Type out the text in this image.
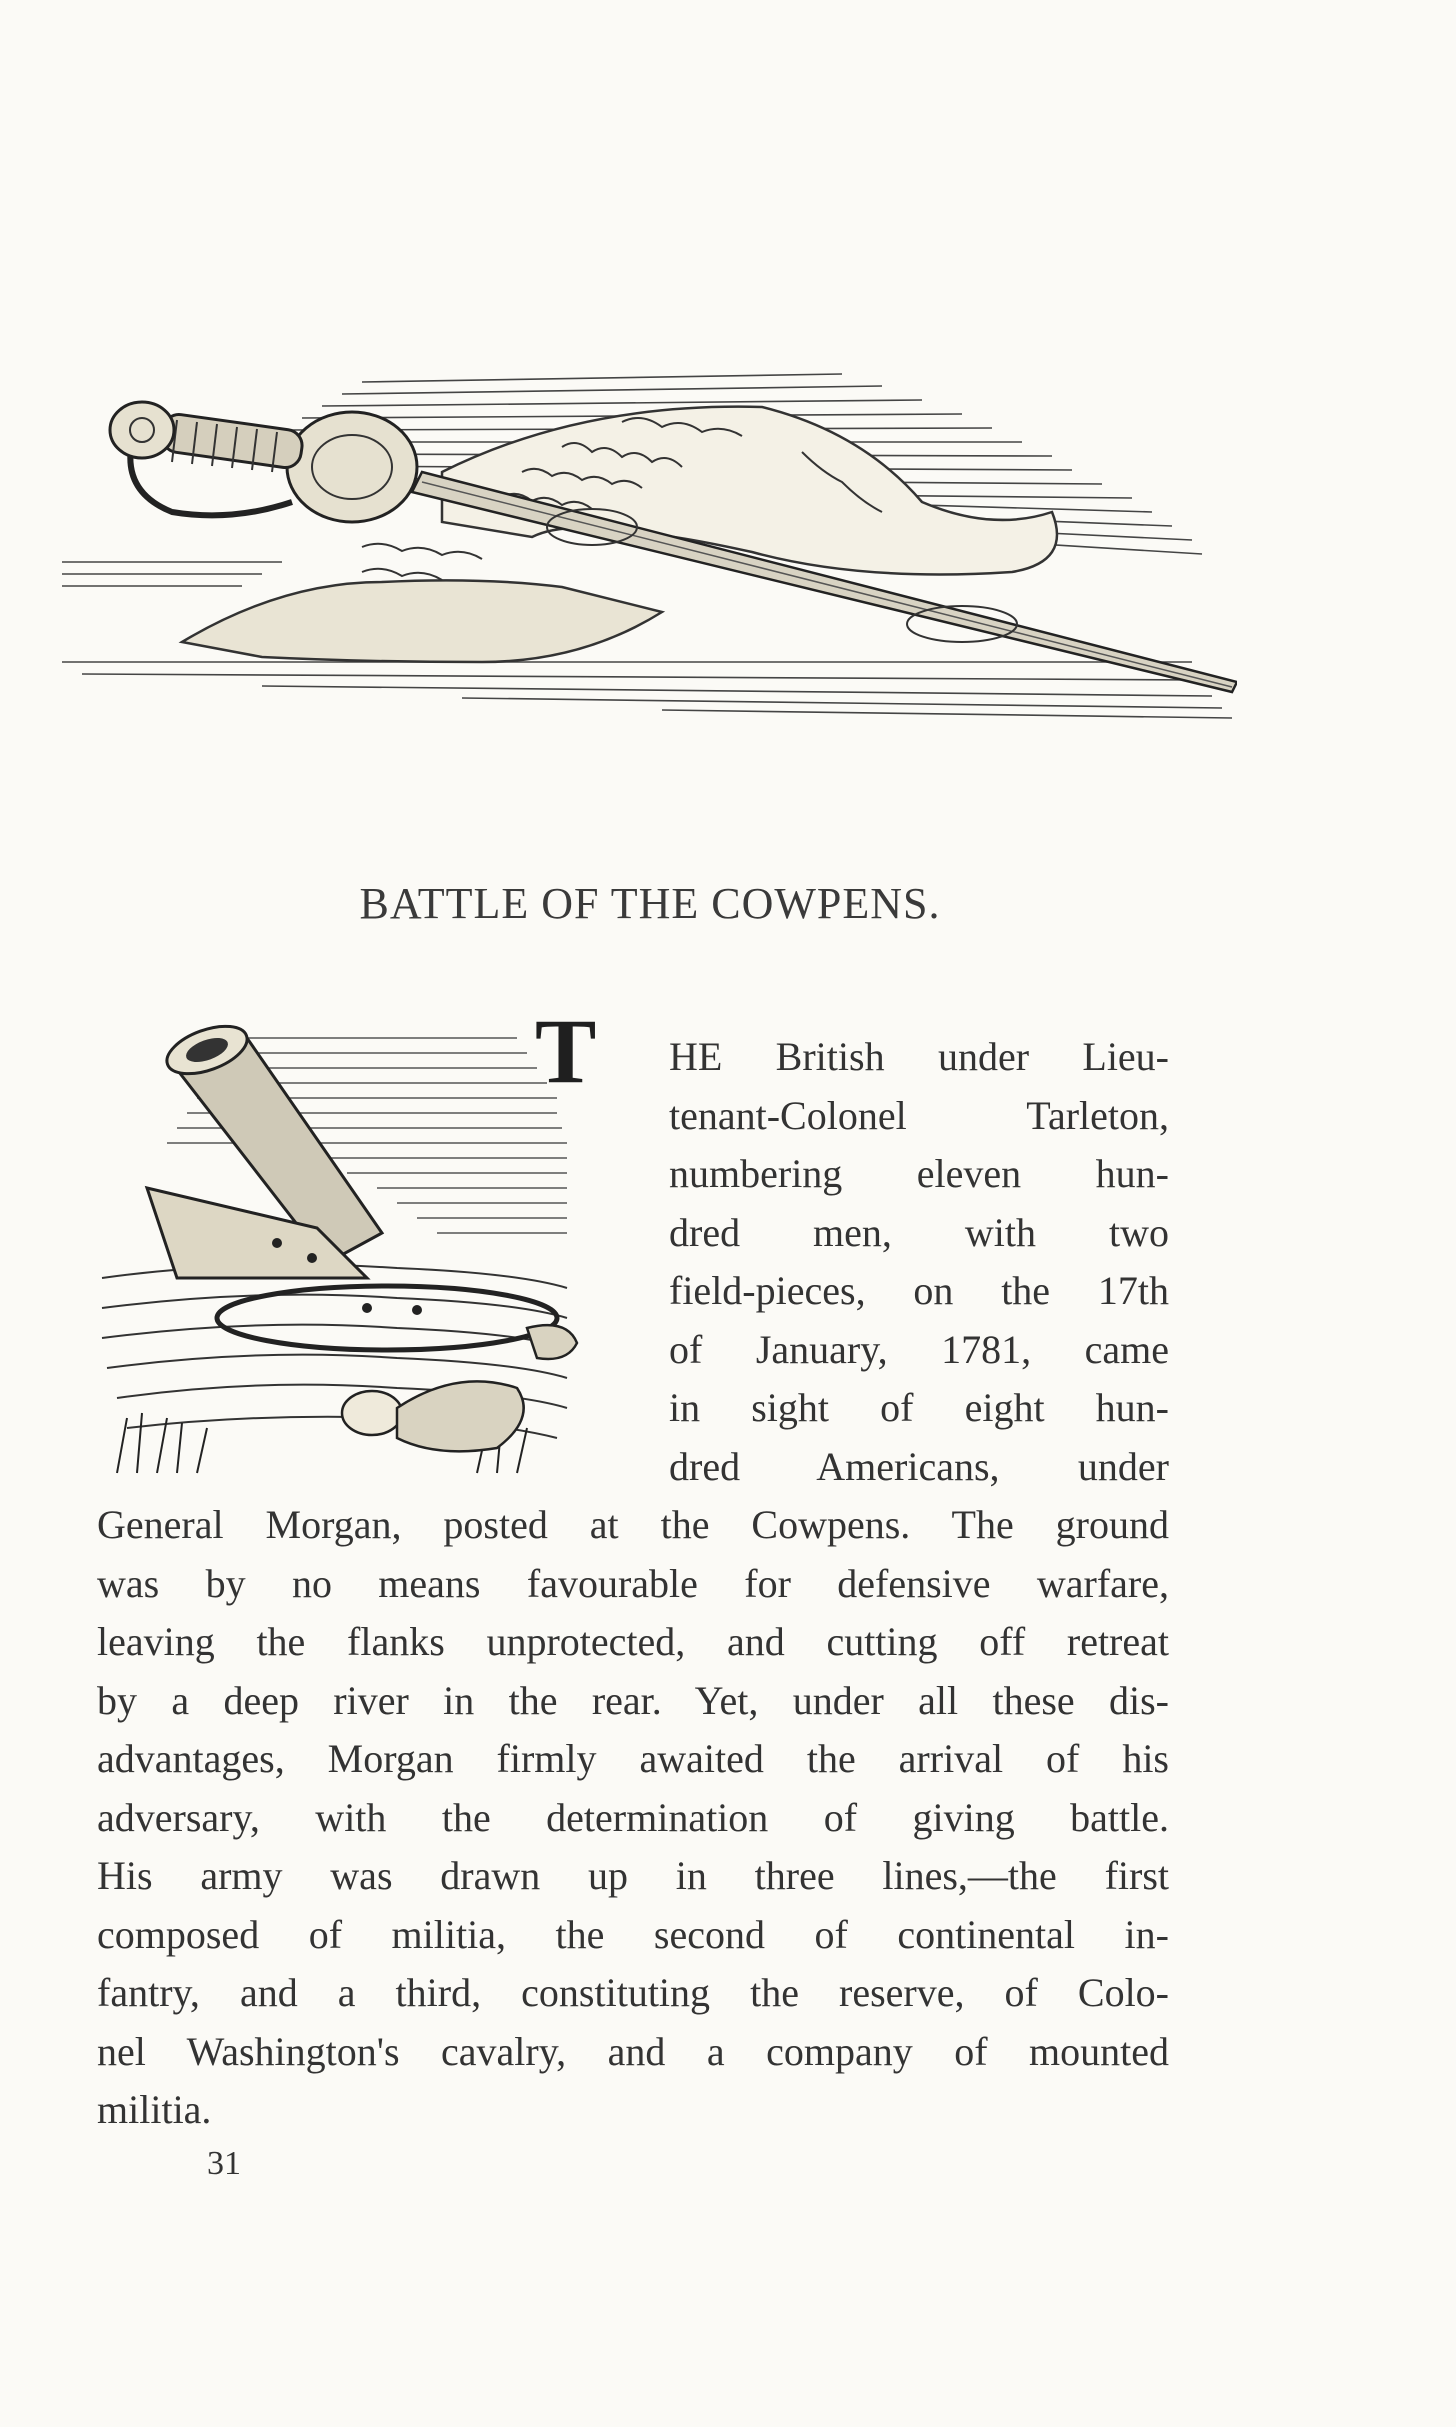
BATTLE OF THE COWPENS.
T HE British under Lieu-
tenant-Colonel Tarleton,
numbering eleven hun-
dred men, with two
field-pieces, on the 17th
of January, 1781, came
in sight of eight hun-
dred Americans, under
General Morgan, posted at the Cowpens. The ground
was by no means favourable for defensive warfare,
leaving the flanks unprotected, and cutting off retreat
by a deep river in the rear. Yet, under all these dis-
advantages, Morgan firmly awaited the arrival of his
adversary, with the determination of giving battle.
His army was drawn up in three lines,—the first
composed of militia, the second of continental in-
fantry, and a third, constituting the reserve, of Colo-
nel Washington's cavalry, and a company of mounted
militia.
31
